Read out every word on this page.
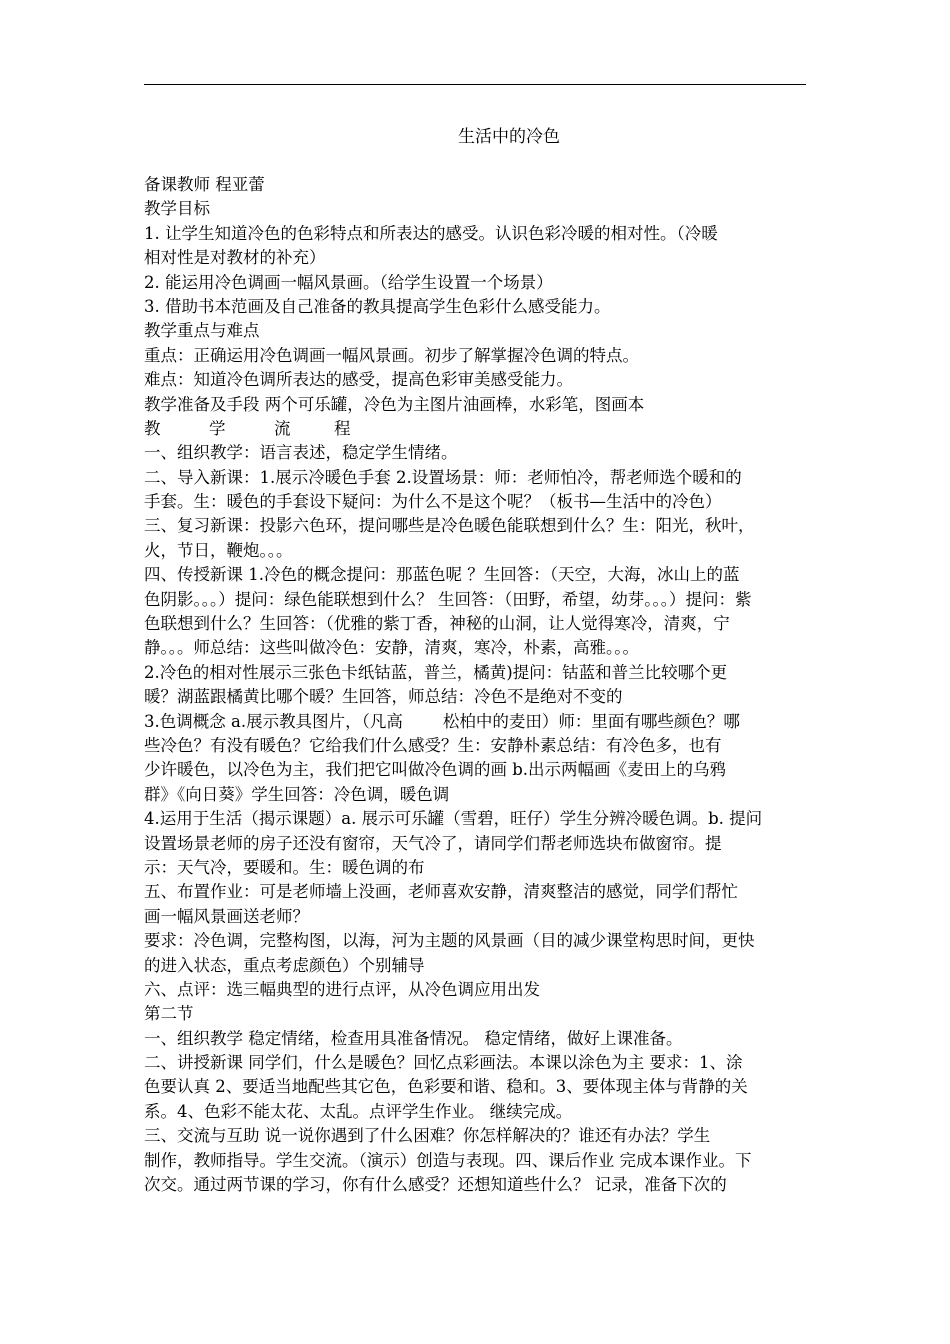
生活中的冷色
备课教师 程亚蕾
教学目标
1. 让学生知道冷色的色彩特点和所表达的感受。认识色彩冷暖的相对性。（冷暖
相对性是对教材的补充）
2. 能运用冷色调画一幅风景画。（给学生设置一个场景）
3. 借助书本范画及自己准备的教具提高学生色彩什么感受能力。
教学重点与难点
重点：正确运用冷色调画一幅风景画。初步了解掌握冷色调的特点。
难点：知道冷色调所表达的感受，提高色彩审美感受能力。
教学准备及手段 两个可乐罐，冷色为主图片油画棒，水彩笔，图画本
教	学	流	程
一、组织教学：语言表述，稳定学生情绪。
二、导入新课：1.展示冷暖色手套 2.设置场景：师：老师怕冷，帮老师选个暖和的
手套。生：暖色的手套设下疑问：为什么不是这个呢？（板书—生活中的冷色）
三、复习新课：投影六色环，提问哪些是冷色暖色能联想到什么？生：阳光，秋叶，
火，节日，鞭炮。。。
四、传授新课 1.冷色的概念提问：那蓝色呢 ？生回答：（天空，大海，冰山上的蓝
色阴影。。。）提问：绿色能联想到什么？ 生回答：（田野，希望，幼芽。。。）提问：紫
色联想到什么？生回答：（优雅的紫丁香，神秘的山洞，让人觉得寒冷，清爽，宁
静。。。师总结：这些叫做冷色：安静，清爽，寒冷，朴素，高雅。。。
2.冷色的相对性展示三张色卡纸钴蓝，普兰，橘黄)提问：钴蓝和普兰比较哪个更
暖？湖蓝跟橘黄比哪个暖？生回答，师总结：冷色不是绝对不变的
3.色调概念 a.展示教具图片，（凡高 松柏中的麦田）师：里面有哪些颜色？哪
些冷色？有没有暖色？它给我们什么感受？生：安静朴素总结：有冷色多，也有
少许暖色，以冷色为主，我们把它叫做冷色调的画 b.出示两幅画《麦田上的乌鸦
群》《向日葵》学生回答：冷色调，暖色调
4.运用于生活（揭示课题）a. 展示可乐罐（雪碧，旺仔）学生分辨冷暖色调。b. 提问
设置场景老师的房子还没有窗帘，天气冷了，请同学们帮老师选块布做窗帘。提
示：天气冷，要暖和。生：暖色调的布
五、布置作业：可是老师墙上没画，老师喜欢安静，清爽整洁的感觉，同学们帮忙
画一幅风景画送老师？
要求：冷色调，完整构图，以海，河为主题的风景画（目的减少课堂构思时间，更快
的进入状态，重点考虑颜色）个别辅导
六、点评：选三幅典型的进行点评，从冷色调应用出发
第二节
一、组织教学 稳定情绪，检查用具准备情况。 稳定情绪，做好上课准备。
二、讲授新课 同学们，什么是暖色？回忆点彩画法。本课以涂色为主 要求：1、涂
色要认真 2、要适当地配些其它色，色彩要和谐、稳和。3、要体现主体与背静的关
系。4、色彩不能太花、太乱。点评学生作业。 继续完成。
三、交流与互助 说一说你遇到了什么困难？你怎样解决的？谁还有办法？学生
制作，教师指导。学生交流。（演示）创造与表现。四、课后作业 完成本课作业。下
次交。通过两节课的学习，你有什么感受？还想知道些什么？ 记录，准备下次的
